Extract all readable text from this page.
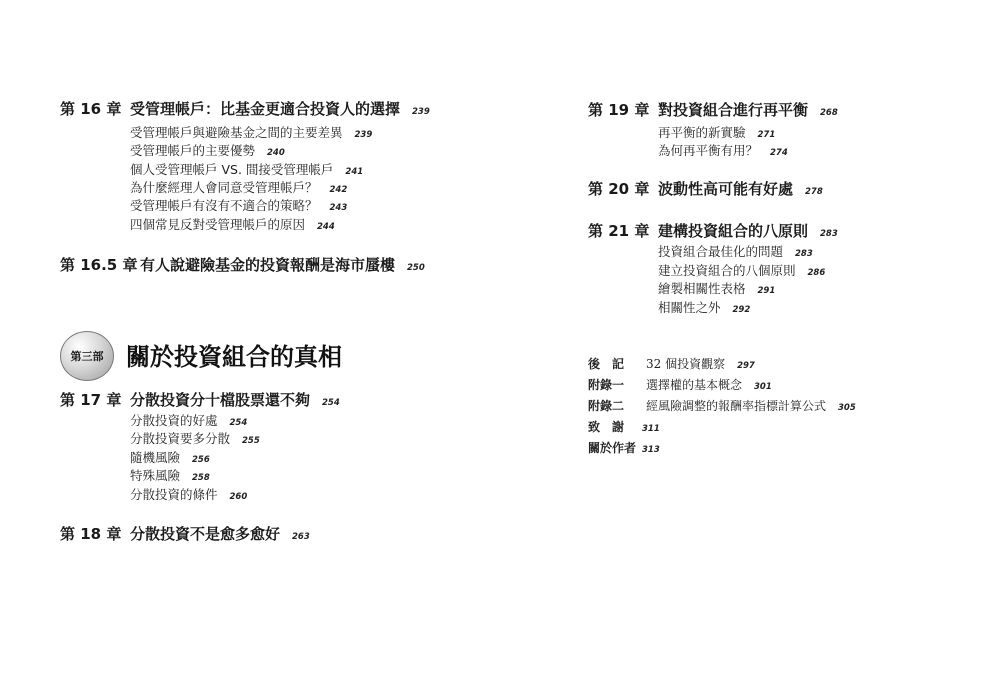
第 16 章 受管理帳戶：比基金更適合投資人的選擇 239
受管理帳戶與避險基金之間的主要差異 239
受管理帳戶的主要優勢 240
個人受管理帳戶 VS. 間接受管理帳戶 241
為什麼經理人會同意受管理帳戶？ 242
受管理帳戶有沒有不適合的策略？ 243
四個常見反對受管理帳戶的原因 244
第 16.5 章 有人說避險基金的投資報酬是海市蜃樓 250
第三部 關於投資組合的真相
第 17 章 分散投資分十檔股票還不夠 254
分散投資的好處 254
分散投資要多分散 255
隨機風險 256
特殊風險 258
分散投資的條件 260
第 18 章 分散投資不是愈多愈好 263
第 19 章 對投資組合進行再平衡 268
再平衡的新實驗 271
為何再平衡有用？ 274
第 20 章 波動性高可能有好處 278
第 21 章 建構投資組合的八原則 283
投資組合最佳化的問題 283
建立投資組合的八個原則 286
繪製相關性表格 291
相關性之外 292
後　記 32 個投資觀察 297
附錄一 選擇權的基本概念 301
附錄二 經風險調整的報酬率指標計算公式 305
致　謝 311
關於作者 313
